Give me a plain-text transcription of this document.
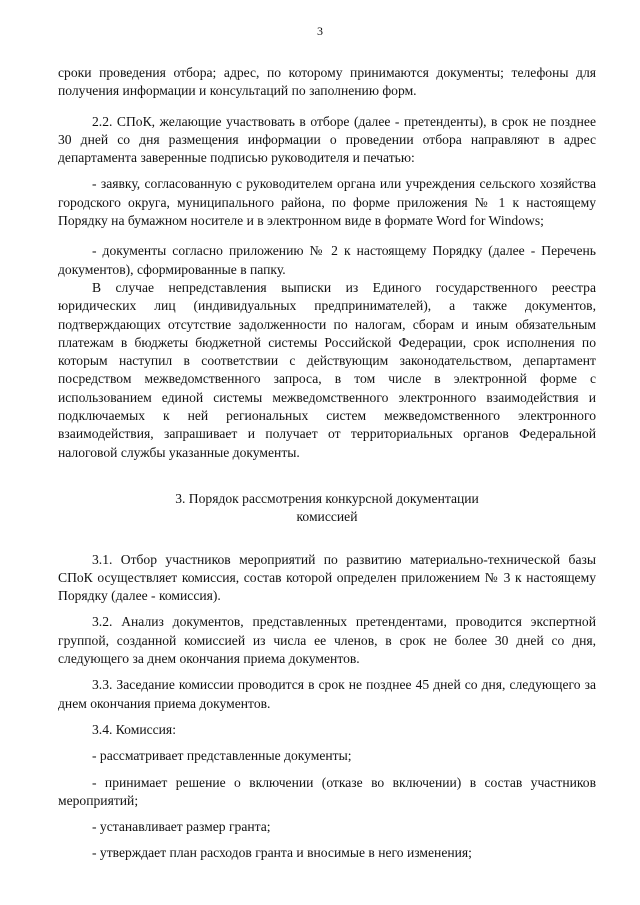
3

сроки проведения отбора; адрес, по которому принимаются документы; телефоны для получения информации и консультаций по заполнению форм.

2.2. СПоК, желающие участвовать в отборе (далее - претенденты), в срок не позднее 30 дней со дня размещения информации о проведении отбора направляют в адрес департамента заверенные подписью руководителя и печатью:

- заявку, согласованную с руководителем органа или учреждения сельского хозяйства городского округа, муниципального района, по форме приложения № 1 к настоящему Порядку на бумажном носителе и в электронном виде в формате Word for Windows;

- документы согласно приложению № 2 к настоящему Порядку (далее - Перечень документов), сформированные в папку.

В случае непредставления выписки из Единого государственного реестра юридических лиц (индивидуальных предпринимателей), а также документов, подтверждающих отсутствие задолженности по налогам, сборам и иным обязательным платежам в бюджеты бюджетной системы Российской Федерации, срок исполнения по которым наступил в соответствии с действующим законодательством, департамент посредством межведомственного запроса, в том числе в электронной форме с использованием единой системы межведомственного электронного взаимодействия и подключаемых к ней региональных систем межведомственного электронного взаимодействия, запрашивает и получает от территориальных органов Федеральной налоговой службы указанные документы.

3. Порядок рассмотрения конкурсной документации
комиссией

3.1. Отбор участников мероприятий по развитию материально-технической базы СПоК осуществляет комиссия, состав которой определен приложением № 3 к настоящему Порядку (далее - комиссия).

3.2. Анализ документов, представленных претендентами, проводится экспертной группой, созданной комиссией из числа ее членов, в срок не более 30 дней со дня, следующего за днем окончания приема документов.

3.3. Заседание комиссии проводится в срок не позднее 45 дней со дня, следующего за днем окончания приема документов.

3.4. Комиссия:

- рассматривает представленные документы;

- принимает решение о включении (отказе во включении) в состав участников мероприятий;

- устанавливает размер гранта;

- утверждает план расходов гранта и вносимые в него изменения;
